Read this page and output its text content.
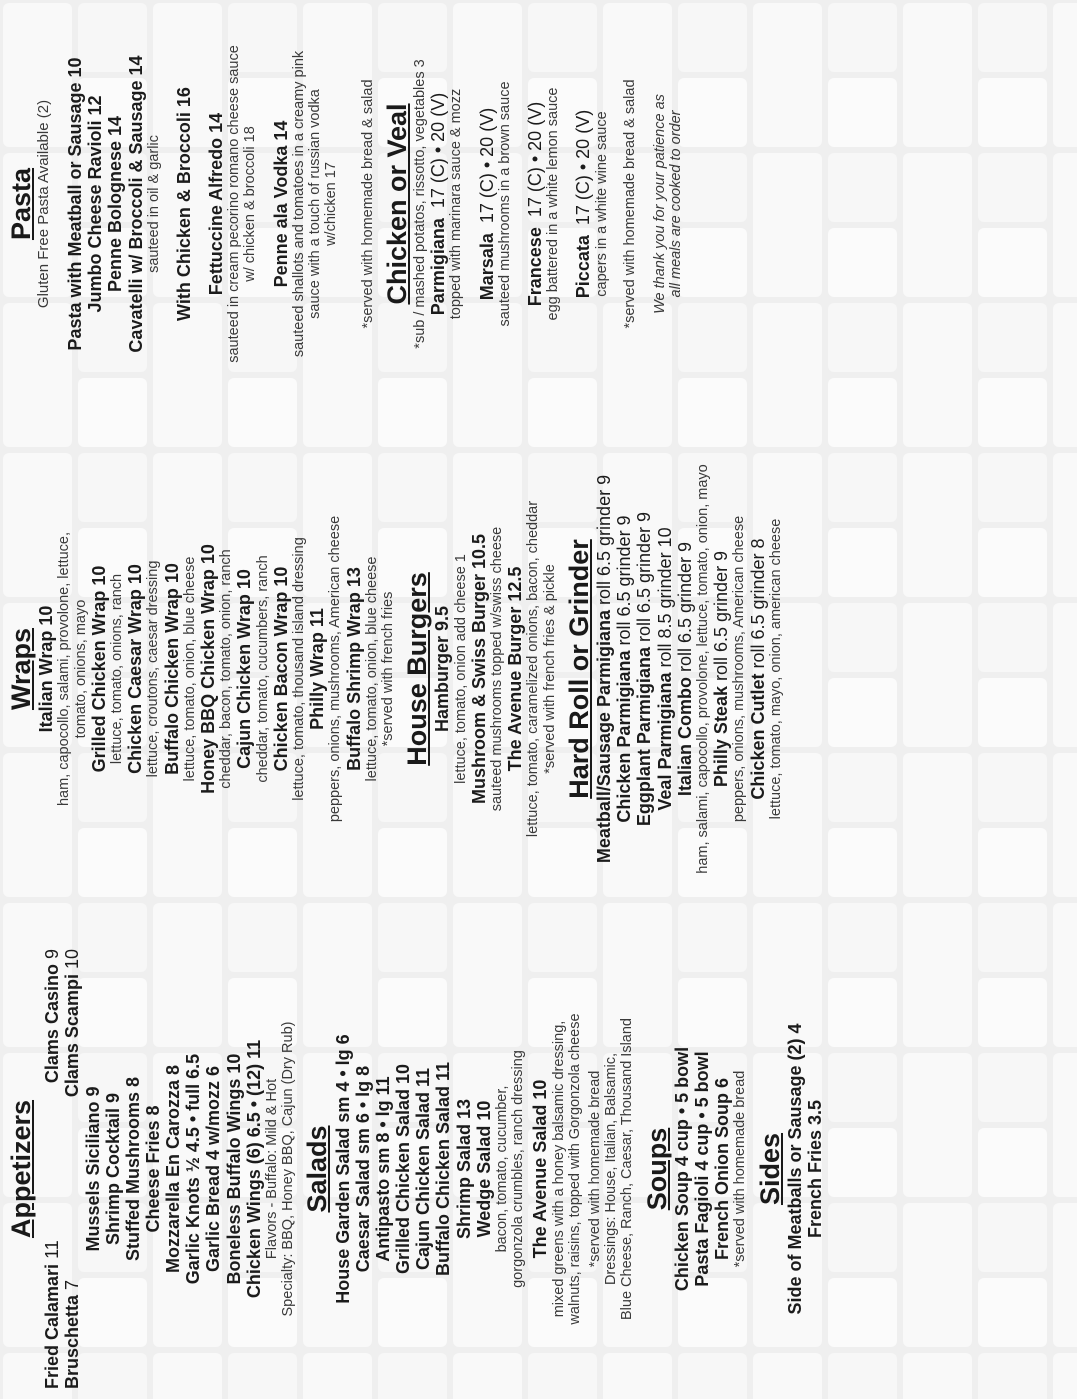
Appetizers
Fried Calamari 11
Clams Casino 9
Bruschetta 7
Clams Scampi 10
Mussels Siciliano 9 Shrimp Cocktail 9 Stuffed Mushrooms 8 Cheese Fries 8 Mozzarella En Carozza 8 Garlic Knots ½ 4.5 • full 6.5 Garlic Bread 4 w/mozz 6 Boneless Buffalo Wings 10 Chicken Wings (6) 6.5 • (12) 11 Flavors - Buffalo: Mild & Hot Specialty: BBQ, Honey BBQ, Cajun (Dry Rub) Salads House Garden Salad sm 4 • lg 6 Caesar Salad sm 6 • lg 8 Antipasto sm 8 • lg 11 Grilled Chicken Salad 10 Cajun Chicken Salad 11 Buffalo Chicken Salad 11 Shrimp Salad 13 Wedge Salad 10 bacon, tomato, cucumber, gorgonzola crumbles, ranch dressing The Avenue Salad 10 mixed greens with a honey balsamic dressing, walnuts, raisins, topped with Gorgonzola cheese *served with homemade bread Dressings: House, Italian, Balsamic, Blue Cheese, Ranch, Caesar, Thousand Island Soups Chicken Soup 4 cup • 5 bowl Pasta Fagioli 4 cup • 5 bowl French Onion Soup 6 *served with homemade bread Sides Side of Meatballs or Sausage (2) 4 French Fries 3.5
Wraps Italian Wrap 10 ham, capocollo, salami, provolone, lettuce, tomato, onions, mayo Grilled Chicken Wrap 10 lettuce, tomato, onions, ranch Chicken Caesar Wrap 10 lettuce, croutons, caesar dressing Buffalo Chicken Wrap 10 lettuce, tomato, onion, blue cheese Honey BBQ Chicken Wrap 10 cheddar, bacon, tomato, onion, ranch Cajun Chicken Wrap 10 cheddar, tomato, cucumbers, ranch Chicken Bacon Wrap 10 lettuce, tomato, thousand island dressing Philly Wrap 11 peppers, onions, mushrooms, American cheese Buffalo Shrimp Wrap 13 lettuce, tomato, onion, blue cheese *served with french fries House Burgers Hamburger 9.5 lettuce, tomato, onion add cheese 1 Mushroom & Swiss Burger 10.5 sauteed mushrooms topped w/swiss cheese The Avenue Burger 12.5 lettuce, tomato, caramelized onions, bacon, cheddar *served with french fries & pickle Hard Roll or Grinder Meatball/Sausage Parmigiana roll 6.5 grinder 9
Chicken Parmigiana roll 6.5 grinder 9
Eggplant Parmigiana roll 6.5 grinder 9
Veal Parmigiana roll 8.5 grinder 10
Italian Combo roll 6.5 grinder 9 ham, salami, capocollo, provolone, lettuce, tomato, onion, mayo Philly Steak roll 6.5 grinder 9 peppers, onions, mushrooms, American cheese Chicken Cutlet roll 6.5 grinder 8 lettuce, tomato, mayo, onion, american cheese
Pasta Gluten Free Pasta Available (2) Pasta with Meatball or Sausage 10 Jumbo Cheese Ravioli 12 Penne Bolognese 14 Cavatelli w/ Broccoli & Sausage 14 sauteed in oil & garlic With Chicken & Broccoli 16 Fettuccine Alfredo 14 sauteed in cream pecorino romano cheese sauce w/ chicken & broccoli 18 Penne ala Vodka 14 sauteed shallots and tomatoes in a creamy pink sauce with a touch of russian vodka w/chicken 17 *served with homemade bread & salad Chicken or Veal *sub / mashed potatos, rissotto, vegetables 3 Parmigiana  17 (C) • 20 (V) topped with marinara sauce & mozz Marsala  17 (C) • 20 (V) sauteed mushrooms in a brown sauce Francese  17 (C) • 20 (V) egg battered in a white lemon sauce Piccata  17 (C) • 20 (V) capers in a white wine sauce *served with homemade bread & salad We thank you for your patience as all meals are cooked to order
